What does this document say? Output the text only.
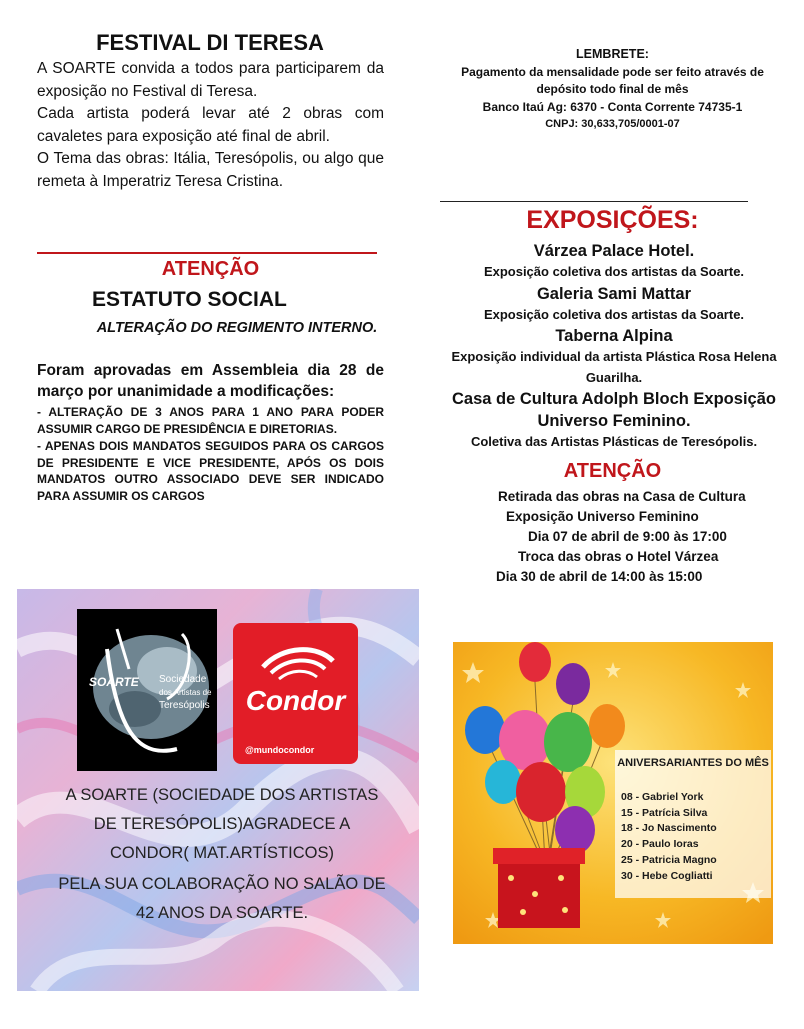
FESTIVAL DI TERESA

A SOARTE convida a todos para participarem da exposição no Festival di Teresa.

Cada artista poderá levar até 2 obras com cavaletes para exposição até final de abril.

O Tema das obras: Itália, Teresópolis, ou algo que remeta à Imperatriz Teresa Cristina.

ATENÇÃO
ESTATUTO SOCIAL
ALTERAÇÃO DO REGIMENTO INTERNO.
Foram aprovadas em Assembleia dia 28 de março por unanimidade a modificações:

- ALTERAÇÃO DE 3 ANOS PARA 1 ANO PARA PODER ASSUMIR CARGO DE PRESIDÊNCIA E DIRETORIAS.

- APENAS DOIS MANDATOS SEGUIDOS PARA OS CARGOS DE PRESIDENTE E VICE PRESIDENTE, APÓS OS DOIS MANDATOS OUTRO ASSOCIADO DEVE SER INDICADO PARA ASSUMIR OS CARGOS

LEMBRETE:
Pagamento da mensalidade pode ser feito através de depósito todo final de mês
Banco Itaú Ag: 6370 - Conta Corrente 74735-1
CNPJ: 30,633,705/0001-07
EXPOSIÇÕES:
Várzea Palace Hotel.
Exposição coletiva dos artistas da Soarte.
Galeria Sami Mattar
Exposição coletiva dos artistas da Soarte.
Taberna Alpina
Exposição individual da artista Plástica Rosa Helena Guarilha.
Casa de Cultura Adolph Bloch Exposição Universo Feminino.
Coletiva das Artistas Plásticas de Teresópolis.
ATENÇÃO
Retirada das obras na Casa de Cultura
Exposição Universo Feminino
Dia 07 de abril de 9:00 às 17:00
Troca das obras o Hotel Várzea
Dia 30 de abril de 14:00 às 15:00
SOARTE Sociedade
dos Artistas de
Teresópolis	Condor
@mundocondor

A SOARTE (SOCIEDADE DOS ARTISTAS DE TERESÓPOLIS)AGRADECE A CONDOR( MAT.ARTÍSTICOS)

PELA SUA COLABORAÇÃO NO SALÃO DE 42 ANOS DA SOARTE.

ANIVERSARIANTES DO MÊS
08 - Gabriel York
15 - Patrícia Silva
18 - Jo Nascimento
20 - Paulo Ioras
25 - Patricia Magno
30 - Hebe Cogliatti
